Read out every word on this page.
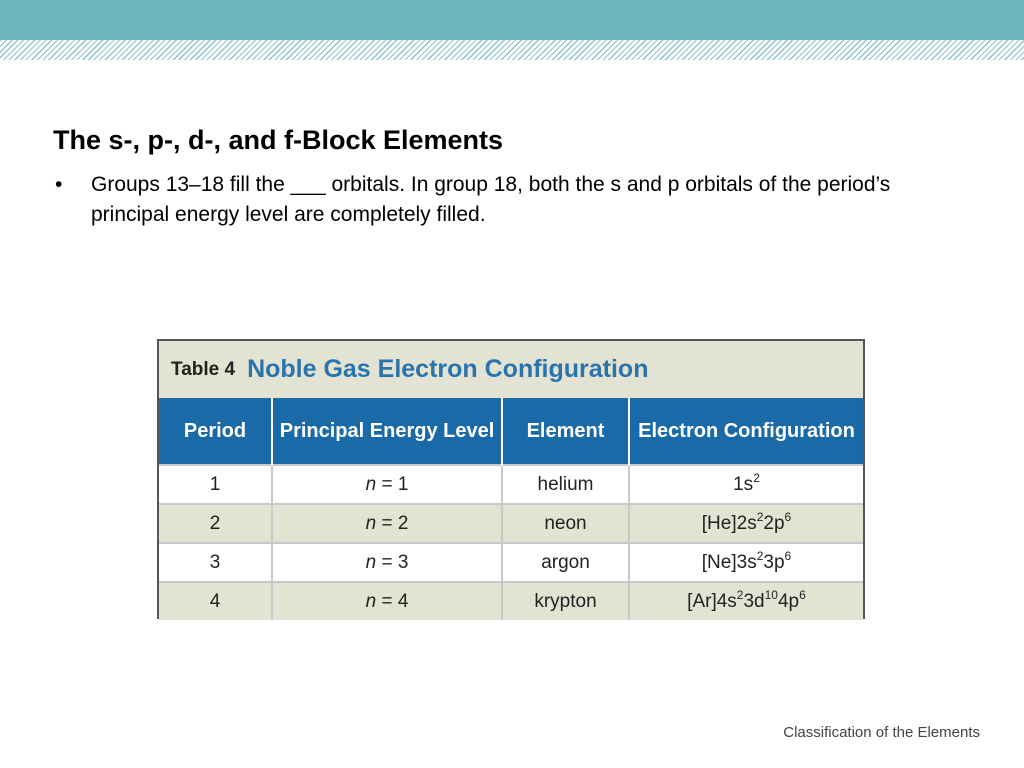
The s-, p-, d-, and f-Block Elements
• Groups 13–18 fill the ___ orbitals. In group 18, both the s and p orbitals of the period’s principal energy level are completely filled.
Table 4 Noble Gas Electron Configuration
Period	Principal Energy Level	Element	Electron Configuration
1	n = 1	helium	$1s^2$
2	n = 2	neon	$[He]2s^22p^6$
3	n = 3	argon	$[Ne]3s^23p^6$
4	n = 4	krypton	$[Ar]4s^23d^{10}4p^6$
Classification of the Elements
